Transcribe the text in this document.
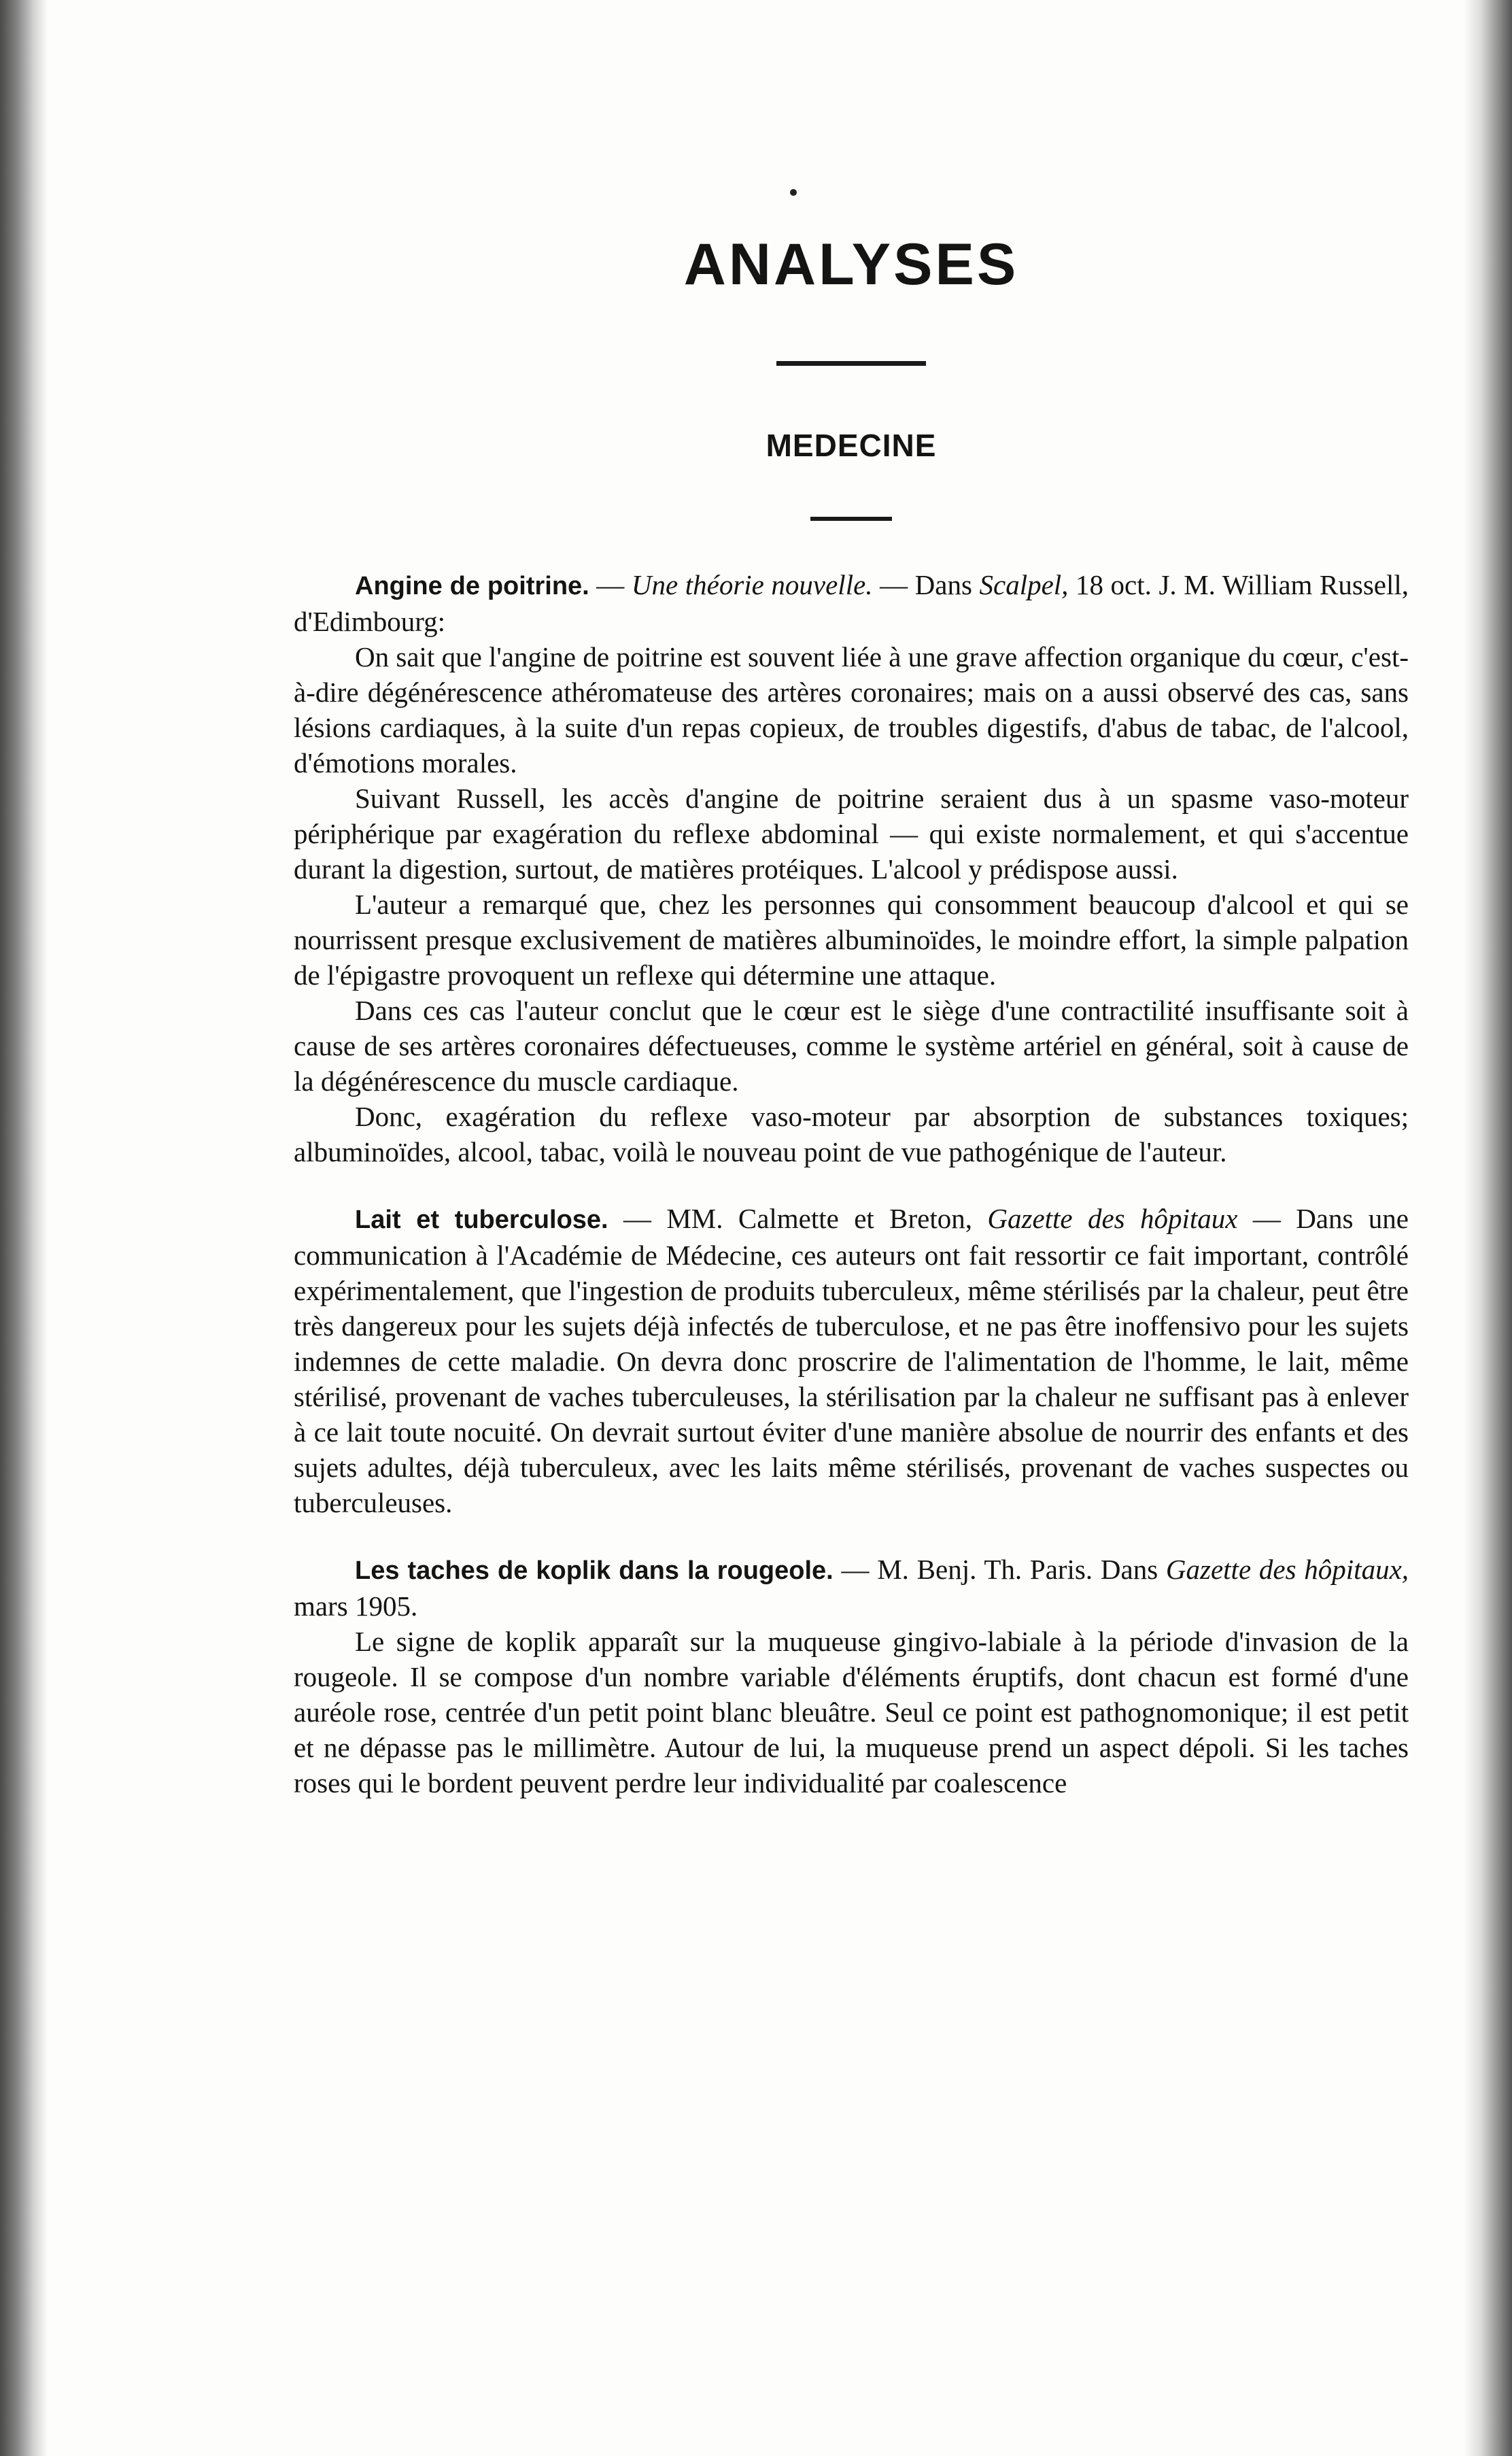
ANALYSES
MEDECINE

Angine de poitrine. — Une théorie nouvelle. — Dans Scalpel, 18 oct. J. M. William Russell, d'Edimbourg:

On sait que l'angine de poitrine est souvent liée à une grave affection organique du cœur, c'est-à-dire dégénérescence athéromateuse des artères coronaires; mais on a aussi observé des cas, sans lésions cardiaques, à la suite d'un repas copieux, de troubles digestifs, d'abus de tabac, de l'alcool, d'émotions morales.

Suivant Russell, les accès d'angine de poitrine seraient dus à un spasme vaso-moteur périphérique par exagération du reflexe abdominal — qui existe normalement, et qui s'accentue durant la digestion, surtout, de matières protéiques. L'alcool y prédispose aussi.

L'auteur a remarqué que, chez les personnes qui consomment beaucoup d'alcool et qui se nourrissent presque exclusivement de matières albuminoïdes, le moindre effort, la simple palpation de l'épigastre provoquent un reflexe qui détermine une attaque.

Dans ces cas l'auteur conclut que le cœur est le siège d'une contractilité insuffisante soit à cause de ses artères coronaires défectueuses, comme le système artériel en général, soit à cause de la dégénérescence du muscle cardiaque.

Donc, exagération du reflexe vaso-moteur par absorption de substances toxiques; albuminoïdes, alcool, tabac, voilà le nouveau point de vue pathogénique de l'auteur.

Lait et tuberculose. — MM. Calmette et Breton, Gazette des hôpitaux — Dans une communication à l'Académie de Médecine, ces auteurs ont fait ressortir ce fait important, contrôlé expérimentalement, que l'ingestion de produits tuberculeux, même stérilisés par la chaleur, peut être très dangereux pour les sujets déjà infectés de tuberculose, et ne pas être inoffensivo pour les sujets indemnes de cette maladie. On devra donc proscrire de l'alimentation de l'homme, le lait, même stérilisé, provenant de vaches tuberculeuses, la stérilisation par la chaleur ne suffisant pas à enlever à ce lait toute nocuité. On devrait surtout éviter d'une manière absolue de nourrir des enfants et des sujets adultes, déjà tuberculeux, avec les laits même stérilisés, provenant de vaches suspectes ou tuberculeuses.

Les taches de koplik dans la rougeole. — M. Benj. Th. Paris. Dans Gazette des hôpitaux, mars 1905.

Le signe de koplik apparaît sur la muqueuse gingivo-labiale à la période d'invasion de la rougeole. Il se compose d'un nombre variable d'éléments éruptifs, dont chacun est formé d'une auréole rose, centrée d'un petit point blanc bleuâtre. Seul ce point est pathognomonique; il est petit et ne dépasse pas le millimètre. Autour de lui, la muqueuse prend un aspect dépoli. Si les taches roses qui le bordent peuvent perdre leur individualité par coalescence
